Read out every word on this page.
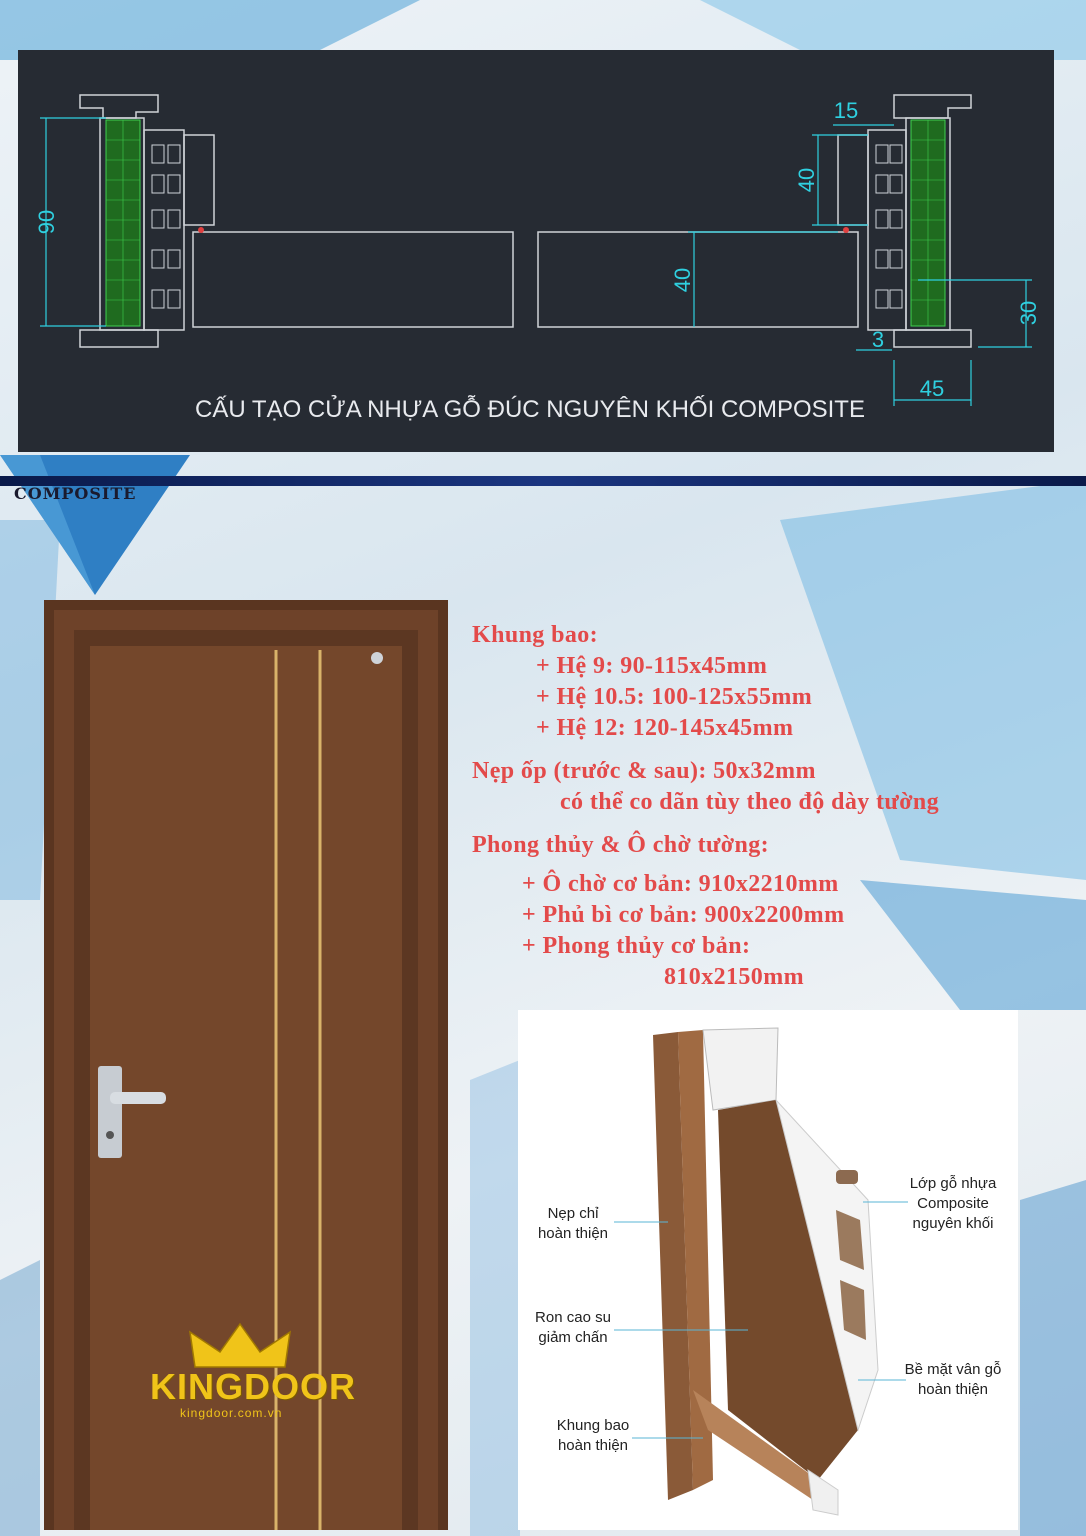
90
15
40
40
30
3
45
CẤU TẠO CỬA NHỰA GỖ ĐÚC NGUYÊN KHỐI COMPOSITE
COMPOSITE
KINGDOOR
kingdoor.com.vn
Khung bao:
+ Hệ 9: 90-115x45mm
+ Hệ 10.5: 100-125x55mm
+ Hệ 12: 120-145x45mm
Nẹp ốp (trước & sau): 50x32mm
có thể co dãn tùy theo độ dày tường
Phong thủy & Ô chờ tường:
+ Ô chờ cơ bản: 910x2210mm
+ Phủ bì cơ bản: 900x2200mm
+ Phong thủy cơ bản:
810x2150mm
Nẹp chỉ
hoàn thiện
Ron cao su
giảm chấn
Khung bao
hoàn thiện
Lớp gỗ nhựa
Composite
nguyên khối
Bề mặt vân gỗ
hoàn thiện
